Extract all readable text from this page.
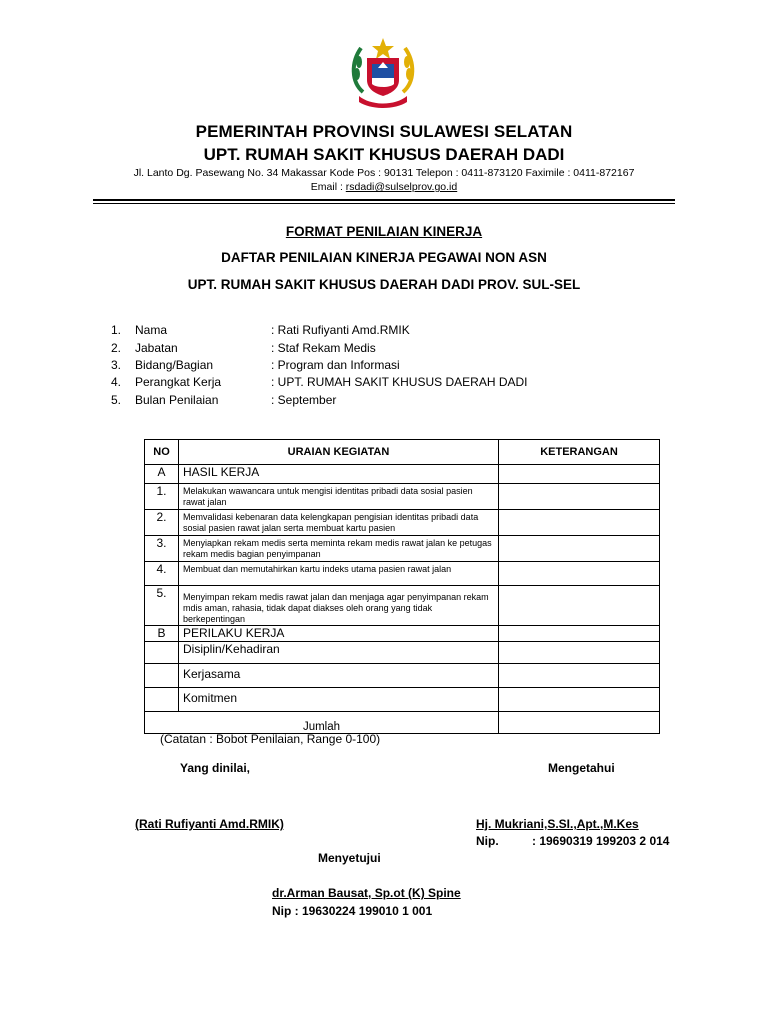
PEMERINTAH PROVINSI SULAWESI SELATAN
UPT. RUMAH SAKIT KHUSUS DAERAH DADI
Jl. Lanto Dg. Pasewang No. 34 Makassar Kode Pos : 90131 Telepon : 0411-873120 Faximile : 0411-872167
Email : rsdadi@sulselprov.go.id
FORMAT PENILAIAN KINERJA
DAFTAR PENILAIAN KINERJA PEGAWAI NON ASN
UPT. RUMAH SAKIT KHUSUS DAERAH DADI PROV. SUL-SEL
1. Nama	: Rati Rufiyanti Amd.RMIK
2. Jabatan	: Staf Rekam Medis
3. Bidang/Bagian	: Program dan Informasi
4. Perangkat Kerja	: UPT. RUMAH SAKIT KHUSUS DAERAH DADI
5. Bulan Penilaian	: September
NO	URAIAN KEGIATAN	KETERANGAN
A	HASIL KERJA	
1.	Melakukan wawancara untuk mengisi identitas pribadi data sosial pasien rawat jalan	
2.	Memvalidasi kebenaran data kelengkapan pengisian identitas pribadi data sosial pasien rawat jalan serta membuat kartu pasien	
3.	Menyiapkan rekam medis serta meminta rekam medis rawat jalan ke petugas rekam medis bagian penyimpanan	
4.	Membuat dan memutahirkan kartu indeks utama pasien rawat jalan	
5.	Menyimpan rekam medis rawat jalan dan menjaga agar penyimpanan rekam mdis aman, rahasia, tidak dapat diakses oleh orang yang tidak berkepentingan	
B	PERILAKU KERJA	
	Disiplin/Kehadiran	
	Kerjasama	
	Komitmen	
Jumlah		
(Catatan : Bobot Penilaian, Range 0-100)
Yang dinilai,	Mengetahui
(Rati Rufiyanti Amd.RMIK)	Hj. Mukriani,S.SI.,Apt.,M.Kes
Nip.	: 19690319 199203 2 014
Menyetujui
dr.Arman Bausat, Sp.ot (K) Spine
Nip : 19630224 199010 1 001
